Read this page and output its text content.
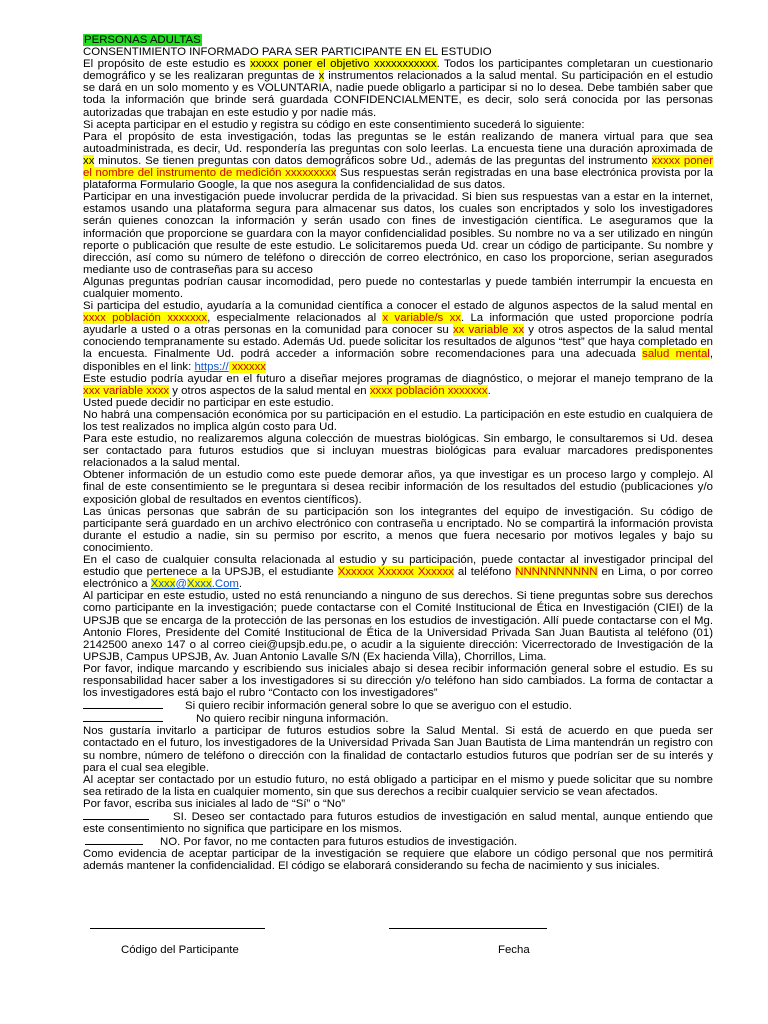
PERSONAS ADULTAS

CONSENTIMIENTO INFORMADO PARA SER PARTICIPANTE EN EL ESTUDIO

El propósito de este estudio es xxxxx poner el objetivo xxxxxxxxxxx. Todos los participantes completaran un cuestionario demográfico y se les realizaran preguntas de x instrumentos relacionados a la salud mental. Su participación en el estudio se dará en un solo momento y es VOLUNTARIA, nadie puede obligarlo a participar si no lo desea. Debe también saber que toda la información que brinde será guardada CONFIDENCIALMENTE, es decir, solo será conocida por las personas autorizadas que trabajan en este estudio y por nadie más.

Si acepta participar en el estudio y registra su código en este consentimiento sucederá lo siguiente:

Para el propósito de esta investigación, todas las preguntas se le están realizando de manera virtual para que sea autoadministrada, es decir, Ud. respondería las preguntas con solo leerlas. La encuesta tiene una duración aproximada de xx minutos. Se tienen preguntas con datos demográficos sobre Ud., además de las preguntas del instrumento xxxxx poner el nombre del instrumento de medición xxxxxxxxx Sus respuestas serán registradas en una base electrónica provista por la plataforma Formulario Google, la que nos asegura la confidencialidad de sus datos.

Participar en una investigación puede involucrar perdida de la privacidad. Si bien sus respuestas van a estar en la internet, estamos usando una plataforma segura para almacenar sus datos, los cuales son encriptados y solo los investigadores serán quienes conozcan la información y serán usado con fines de investigación científica. Le aseguramos que la información que proporcione se guardara con la mayor confidencialidad posibles. Su nombre no va a ser utilizado en ningún reporte o publicación que resulte de este estudio. Le solicitaremos pueda Ud. crear un código de participante. Su nombre y dirección, así como su número de teléfono o dirección de correo electrónico, en caso los proporcione, serian asegurados mediante uso de contraseñas para su acceso

Algunas preguntas podrían causar incomodidad, pero puede no contestarlas y puede también interrumpir la encuesta en cualquier momento.

Si participa del estudio, ayudaría a la comunidad científica a conocer el estado de algunos aspectos de la salud mental en xxxx población xxxxxxx, especialmente relacionados al x variable/s xx. La información que usted proporcione podría ayudarle a usted o a otras personas en la comunidad para conocer su xx variable xx y otros aspectos de la salud mental conociendo tempranamente su estado. Además Ud. puede solicitar los resultados de algunos “test” que haya completado en la encuesta. Finalmente Ud. podrá acceder a información sobre recomendaciones para una adecuada salud mental, disponibles en el link: https:// xxxxxx

Este estudio podría ayudar en el futuro a diseñar mejores programas de diagnóstico, o mejorar el manejo temprano de la xxx variable xxxx y otros aspectos de la salud mental en xxxx población xxxxxxx.

Usted puede decidir no participar en este estudio.

No habrá una compensación económica por su participación en el estudio. La participación en este estudio en cualquiera de los test realizados no implica algún costo para Ud.

Para este estudio, no realizaremos alguna colección de muestras biológicas. Sin embargo, le consultaremos si Ud. desea ser contactado para futuros estudios que si incluyan muestras biológicas para evaluar marcadores predisponentes relacionados a la salud mental.

Obtener información de un estudio como este puede demorar años, ya que investigar es un proceso largo y complejo. Al final de este consentimiento se le preguntara si desea recibir información de los resultados del estudio (publicaciones y/o exposición global de resultados en eventos científicos).

Las únicas personas que sabrán de su participación son los integrantes del equipo de investigación. Su código de participante será guardado en un archivo electrónico con contraseña u encriptado. No se compartirá la información provista durante el estudio a nadie, sin su permiso por escrito, a menos que fuera necesario por motivos legales y bajo su conocimiento.

En el caso de cualquier consulta relacionada al estudio y su participación, puede contactar al investigador principal del estudio que pertenece a la UPSJB, el estudiante Xxxxxx Xxxxxx Xxxxxx al teléfono NNNNNNNNNN en Lima, o por correo electrónico a Xxxx@Xxxx.Com.

Al participar en este estudio, usted no está renunciando a ninguno de sus derechos. Si tiene preguntas sobre sus derechos como participante en la investigación; puede contactarse con el Comité Institucional de Ética en Investigación (CIEI) de la UPSJB que se encarga de la protección de las personas en los estudios de investigación. Allí puede contactarse con el Mg. Antonio Flores, Presidente del Comité Institucional de Ética de la Universidad Privada San Juan Bautista al teléfono (01) 2142500 anexo 147 o al correo ciei@upsjb.edu.pe, o acudir a la siguiente dirección: Vicerrectorado de Investigación de la UPSJB, Campus UPSJB, Av. Juan Antonio Lavalle S/N (Ex hacienda Villa), Chorrillos, Lima.

Por favor, indique marcando y escribiendo sus iniciales abajo si desea recibir información general sobre el estudio. Es su responsabilidad hacer saber a los investigadores si su dirección y/o teléfono han sido cambiados. La forma de contactar a los investigadores está bajo el rubro “Contacto con los investigadores”

Si quiero recibir información general sobre lo que se averiguo con el estudio.

No quiero recibir ninguna información.

Nos gustaría invitarlo a participar de futuros estudios sobre la Salud Mental. Si está de acuerdo en que pueda ser contactado en el futuro, los investigadores de la Universidad Privada San Juan Bautista de Lima mantendrán un registro con su nombre, número de teléfono o dirección con la finalidad de contactarlo estudios futuros que podrían ser de su interés y para el cual sea elegible.

Al aceptar ser contactado por un estudio futuro, no está obligado a participar en el mismo y puede solicitar que su nombre sea retirado de la lista en cualquier momento, sin que sus derechos a recibir cualquier servicio se vean afectados.

Por favor, escriba sus iniciales al lado de “Sí” o “No”

SI. Deseo ser contactado para futuros estudios de investigación en salud mental, aunque entiendo que este consentimiento no significa que participare en los mismos.

NO. Por favor, no me contacten para futuros estudios de investigación.

Como evidencia de aceptar participar de la investigación se requiere que elabore un código personal que nos permitirá además mantener la confidencialidad. El código se elaborará considerando su fecha de nacimiento y sus iniciales.

Código del Participante	Fecha
